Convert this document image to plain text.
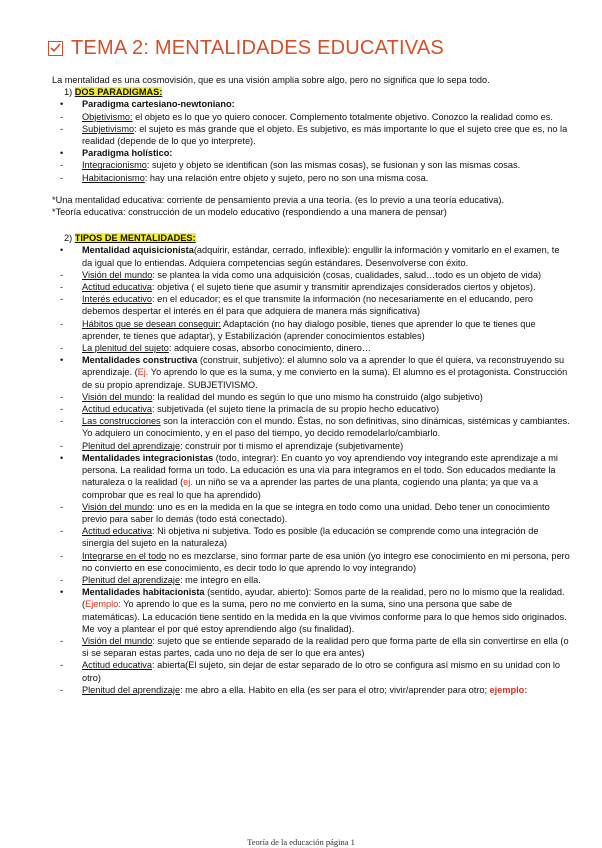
TEMA 2: MENTALIDADES EDUCATIVAS

La mentalidad es una cosmovisión, que es una visión amplia sobre algo, pero no significa que lo sepa todo.

1) DOS PARADIGMAS:

• Paradigma cartesiano-newtoniano:

- Objetivismo: el objeto es lo que yo quiero conocer. Complemento totalmente objetivo. Conozco la realidad como es.

- Subjetivismo: el sujeto es más grande que el objeto. Es subjetivo, es más importante lo que el sujeto cree que es, no la realidad (depende de lo que yo interprete).

• Paradigma holístico:

- Integracionismo: sujeto y objeto se identifican (son las mismas cosas), se fusionan y son las mismas cosas.

- Habitacionismo: hay una relación entre objeto y sujeto, pero no son una misma cosa.

*Una mentalidad educativa: corriente de pensamiento previa a una teoría. (es lo previo a una teoría educativa).

*Teoría educativa: construcción de un modelo educativo (respondiendo a una manera de pensar)

2) TIPOS DE MENTALIDADES:

• Mentalidad aquisicionista(adquirir, estándar, cerrado, inflexible): engullir la información y vomitarlo en el examen, te da igual que lo entiendas. Adquiera competencias según estándares. Desenvolverse con éxito.

- Visión del mundo: se plantea la vida como una adquisición (cosas, cualidades, salud…todo es un objeto de vida)

- Actitud educativa: objetiva ( el sujeto tiene que asumir y transmitir aprendizajes considerados ciertos y objetos).

- Interés educativo: en el educador; es el que transmite la información (no necesariamente en el educando, pero debemos despertar el interés en él para que adquiera de manera más significativa)

- Hábitos que se desean conseguir: Adaptación (no hay dialogo posible, tienes que aprender lo que te tienes que aprender, te tienes que adaptar), y Estabilización (aprender conocimientos estables)

- La plenitud del sujeto: adquiere cosas, absorbo conocimiento, dinero…

• Mentalidades constructiva (construir, subjetivo): el alumno solo va a aprender lo que él quiera, va reconstruyendo su aprendizaje. (Ej. Yo aprendo lo que es la suma, y me convierto en la suma). El alumno es el protagonista. Construcción de su propio aprendizaje. SUBJETIVISMO.

- Visión del mundo: la realidad del mundo es según lo que uno mismo ha construido (algo subjetivo)

- Actitud educativa: subjetivada (el sujeto tiene la primacía de su propio hecho educativo)

- Las construcciones son la interacción con el mundo. Éstas, no son definitivas, sino dinámicas, sistémicas y cambiantes. Yo adquiero un conocimiento, y en el paso del tiempo, yo decido remodelarlo/cambiarlo.

- Plenitud del aprendizaje: construir por ti mismo el aprendizaje (subjetivamente)

• Mentalidades integracionistas (todo, integrar): En cuanto yo voy aprendiendo voy integrando este aprendizaje a mi persona. La realidad forma un todo. La educación es una vía para integramos en el todo. Son educados mediante la naturaleza o la realidad (ej. un niño se va a aprender las partes de una planta, cogiendo una planta; ya que va a comprobar que es real lo que ha aprendido)

- Visión del mundo: uno es en la medida en la que se integra en todo como una unidad. Debo tener un conocimiento previo para saber lo demás (todo está conectado).

- Actitud educativa: Ni objetiva ni subjetiva. Todo es posible (la educación se comprende como una integración de sinergia del sujeto en la naturaleza)

- Integrarse en el todo no es mezclarse, sino formar parte de esa unión (yo integro ese conocimiento en mi persona, pero no convierto en ese conocimiento, es decir todo lo que aprendo lo voy integrando)

- Plenitud del aprendizaje: me integro en ella.

• Mentalidades habitacionista (sentido, ayudar, abierto): Somos parte de la realidad, pero no lo mismo que la realidad. (Ejemplo: Yo aprendo lo que es la suma, pero no me convierto en la suma, sino una persona que sabe de matemáticas). La educación tiene sentido en la medida en la que vivimos conforme para lo que hemos sido originados. Me voy a plantear el por qué estoy aprendiendo algo (su finalidad).

- Visión del mundo: sujeto que se entiende separado de la realidad pero que forma parte de ella sin convertirse en ella (o si se separan estas partes, cada uno no deja de ser lo que era antes)

- Actitud educativa: abierta(El sujeto, sin dejar de estar separado de lo otro se configura así mismo en su unidad con lo otro)

- Plenitud del aprendizaje: me abro a ella. Habito en ella (es ser para el otro; vivir/aprender para otro; ejemplo:

Teoría de la educación página 1
